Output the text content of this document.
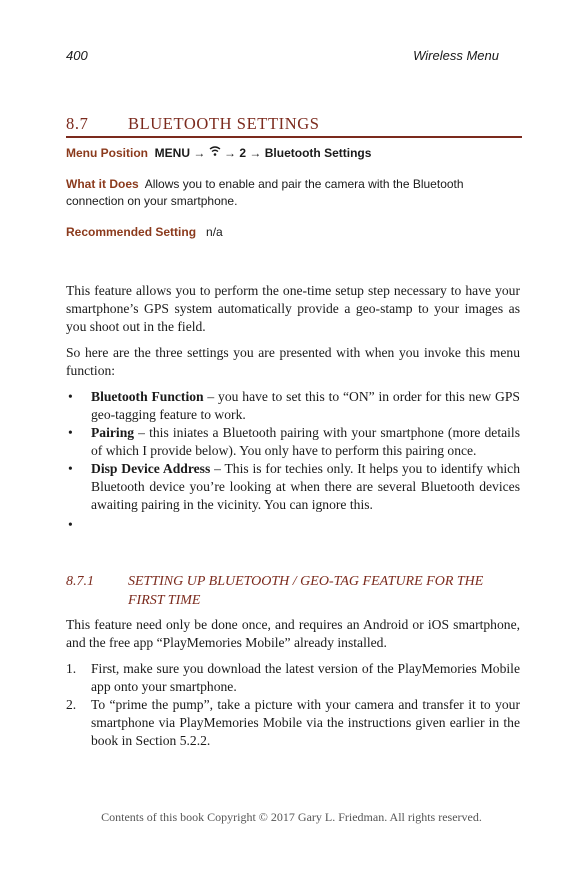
400	Wireless Menu
8.7 BLUETOOTH SETTINGS
Menu Position MENU → → 2 → Bluetooth Settings
What it Does Allows you to enable and pair the camera with the Bluetooth connection on your smartphone.
Recommended Setting n/a
This feature allows you to perform the one-time setup step necessary to have your smartphone’s GPS system automatically provide a geo-stamp to your images as you shoot out in the field.
So here are the three settings you are presented with when you invoke this menu function:
• Bluetooth Function – you have to set this to “ON” in order for this new GPS geo-tagging feature to work.
• Pairing – this iniates a Bluetooth pairing with your smartphone (more details of which I provide below). You only have to perform this pairing once.
• Disp Device Address – This is for techies only. It helps you to identify which Bluetooth device you’re looking at when there are several Bluetooth devices awaiting pairing in the vicinity. You can ignore this.
•
8.7.1 SETTING UP BLUETOOTH / GEO-TAG FEATURE FOR THE FIRST TIME
This feature need only be done once, and requires an Android or iOS smartphone, and the free app “PlayMemories Mobile” already installed.
1. First, make sure you download the latest version of the PlayMemories Mobile app onto your smartphone.
2. To “prime the pump”, take a picture with your camera and transfer it to your smartphone via PlayMemories Mobile via the instructions given earlier in the book in Section 5.2.2.
Contents of this book Copyright © 2017 Gary L. Friedman. All rights reserved.
